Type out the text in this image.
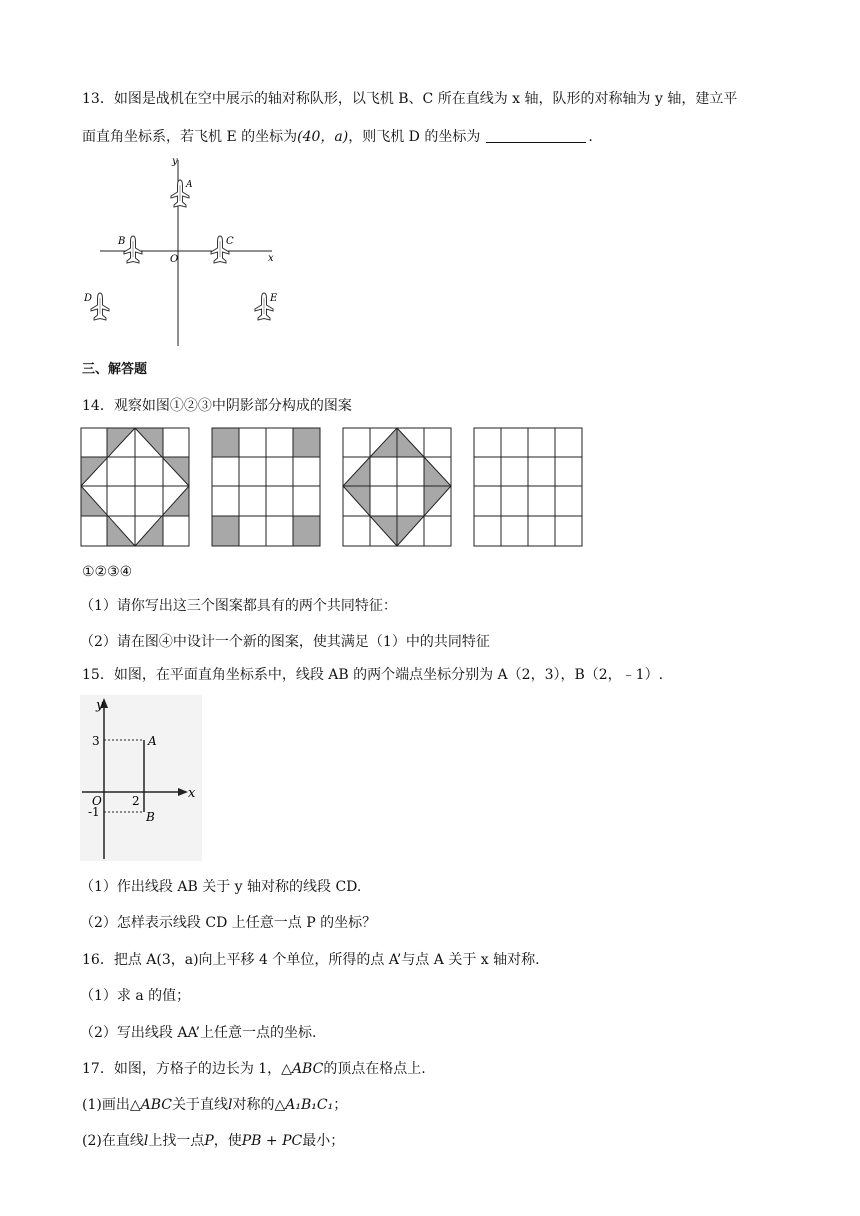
13．如图是战机在空中展示的轴对称队形，以飞机 B、C 所在直线为 x 轴，队形的对称轴为 y 轴，建立平
面直角坐标系，若飞机 E 的坐标为(40，a)，则飞机 D 的坐标为	.
y
x
O
A
B	C
D	E
三、解答题
14．观察如图①②③中阴影部分构成的图案
①②③④
（1）请你写出这三个图案都具有的两个共同特征：
（2）请在图④中设计一个新的图案，使其满足（1）中的共同特征
15．如图，在平面直角坐标系中，线段 AB 的两个端点坐标分别为 A（2，3），B（2，﹣1）.
y
x
O
3
-1
2
A
B
（1）作出线段 AB 关于 y 轴对称的线段 CD.
（2）怎样表示线段 CD 上任意一点 P 的坐标？
16．把点 A(3，a)向上平移 4 个单位，所得的点 A’与点 A 关于 x 轴对称.
（1）求 a 的值；
（2）写出线段 AA’上任意一点的坐标.
17．如图，方格子的边长为 1，△ABC的顶点在格点上.
(1)画出△ABC关于直线l对称的△A₁B₁C₁；
(2)在直线l上找一点P，使PB + PC最小；
